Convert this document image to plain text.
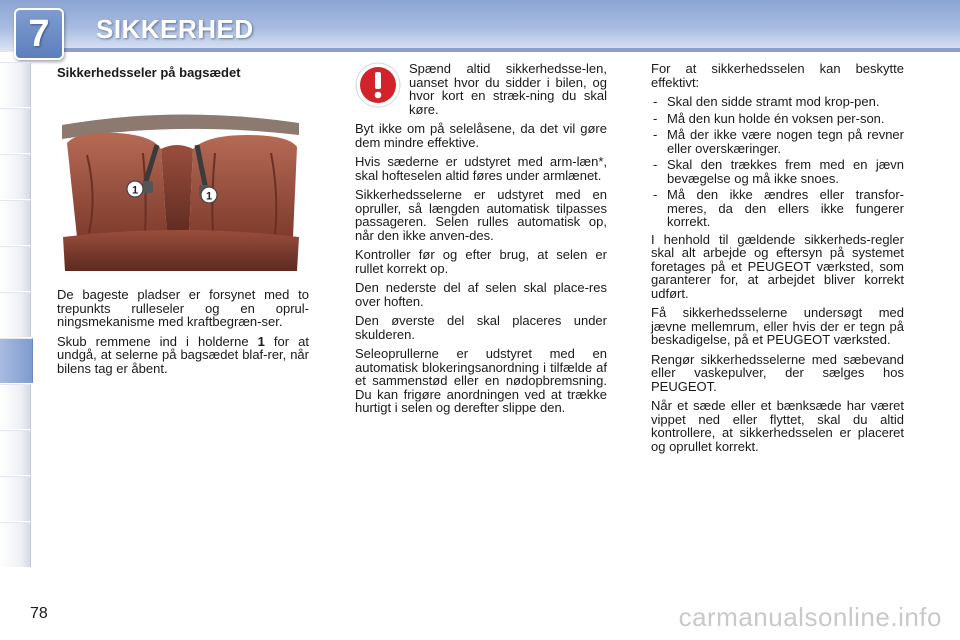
7 SIKKERHED
Sikkerhedsseler på bagsædet
1	1

De bageste pladser er forsynet med to trepunkts rulleseler og en oprul-ningsmekanisme med kraftbegræn-ser.

Skub remmene ind i holderne 1 for at undgå, at selerne på bagsædet blaf-rer, når bilens tag er åbent.

Spænd altid sikkerhedsse-len, uanset hvor du sidder i bilen, og hvor kort en stræk-ning du skal køre.

Byt ikke om på selelåsene, da det vil gøre dem mindre effektive.

Hvis sæderne er udstyret med arm-læn*, skal hofteselen altid føres under armlænet.

Sikkerhedsselerne er udstyret med en opruller, så længden automatisk tilpasses passageren. Selen rulles automatisk op, når den ikke anven-des.

Kontroller før og efter brug, at selen er rullet korrekt op.

Den nederste del af selen skal place-res over hoften.

Den øverste del skal placeres under skulderen.

Seleoprullerne er udstyret med en automatisk blokeringsanordning i tilfælde af et sammenstød eller en nødopbremsning. Du kan frigøre anordningen ved at trække hurtigt i selen og derefter slippe den.

For at sikkerhedsselen kan beskytte effektivt:

- Skal den sidde stramt mod krop-pen.
- Må den kun holde én voksen per-son.
- Må der ikke være nogen tegn på revner eller overskæringer.
- Skal den trækkes frem med en jævn bevægelse og må ikke snoes.
- Må den ikke ændres eller transfor-meres, da den ellers ikke fungerer korrekt.

I henhold til gældende sikkerheds-regler skal alt arbejde og eftersyn på systemet foretages på et PEUGEOT værksted, som garanterer for, at arbejdet bliver korrekt udført.

Få sikkerhedsselerne undersøgt med jævne mellemrum, eller hvis der er tegn på beskadigelse, på et PEUGEOT værksted.

Rengør sikkerhedsselerne med sæbevand eller vaskepulver, der sælges hos PEUGEOT.

Når et sæde eller et bænksæde har været vippet ned eller flyttet, skal du altid kontrollere, at sikkerhedsselen er placeret og oprullet korrekt.

78	carmanualsonline.info
